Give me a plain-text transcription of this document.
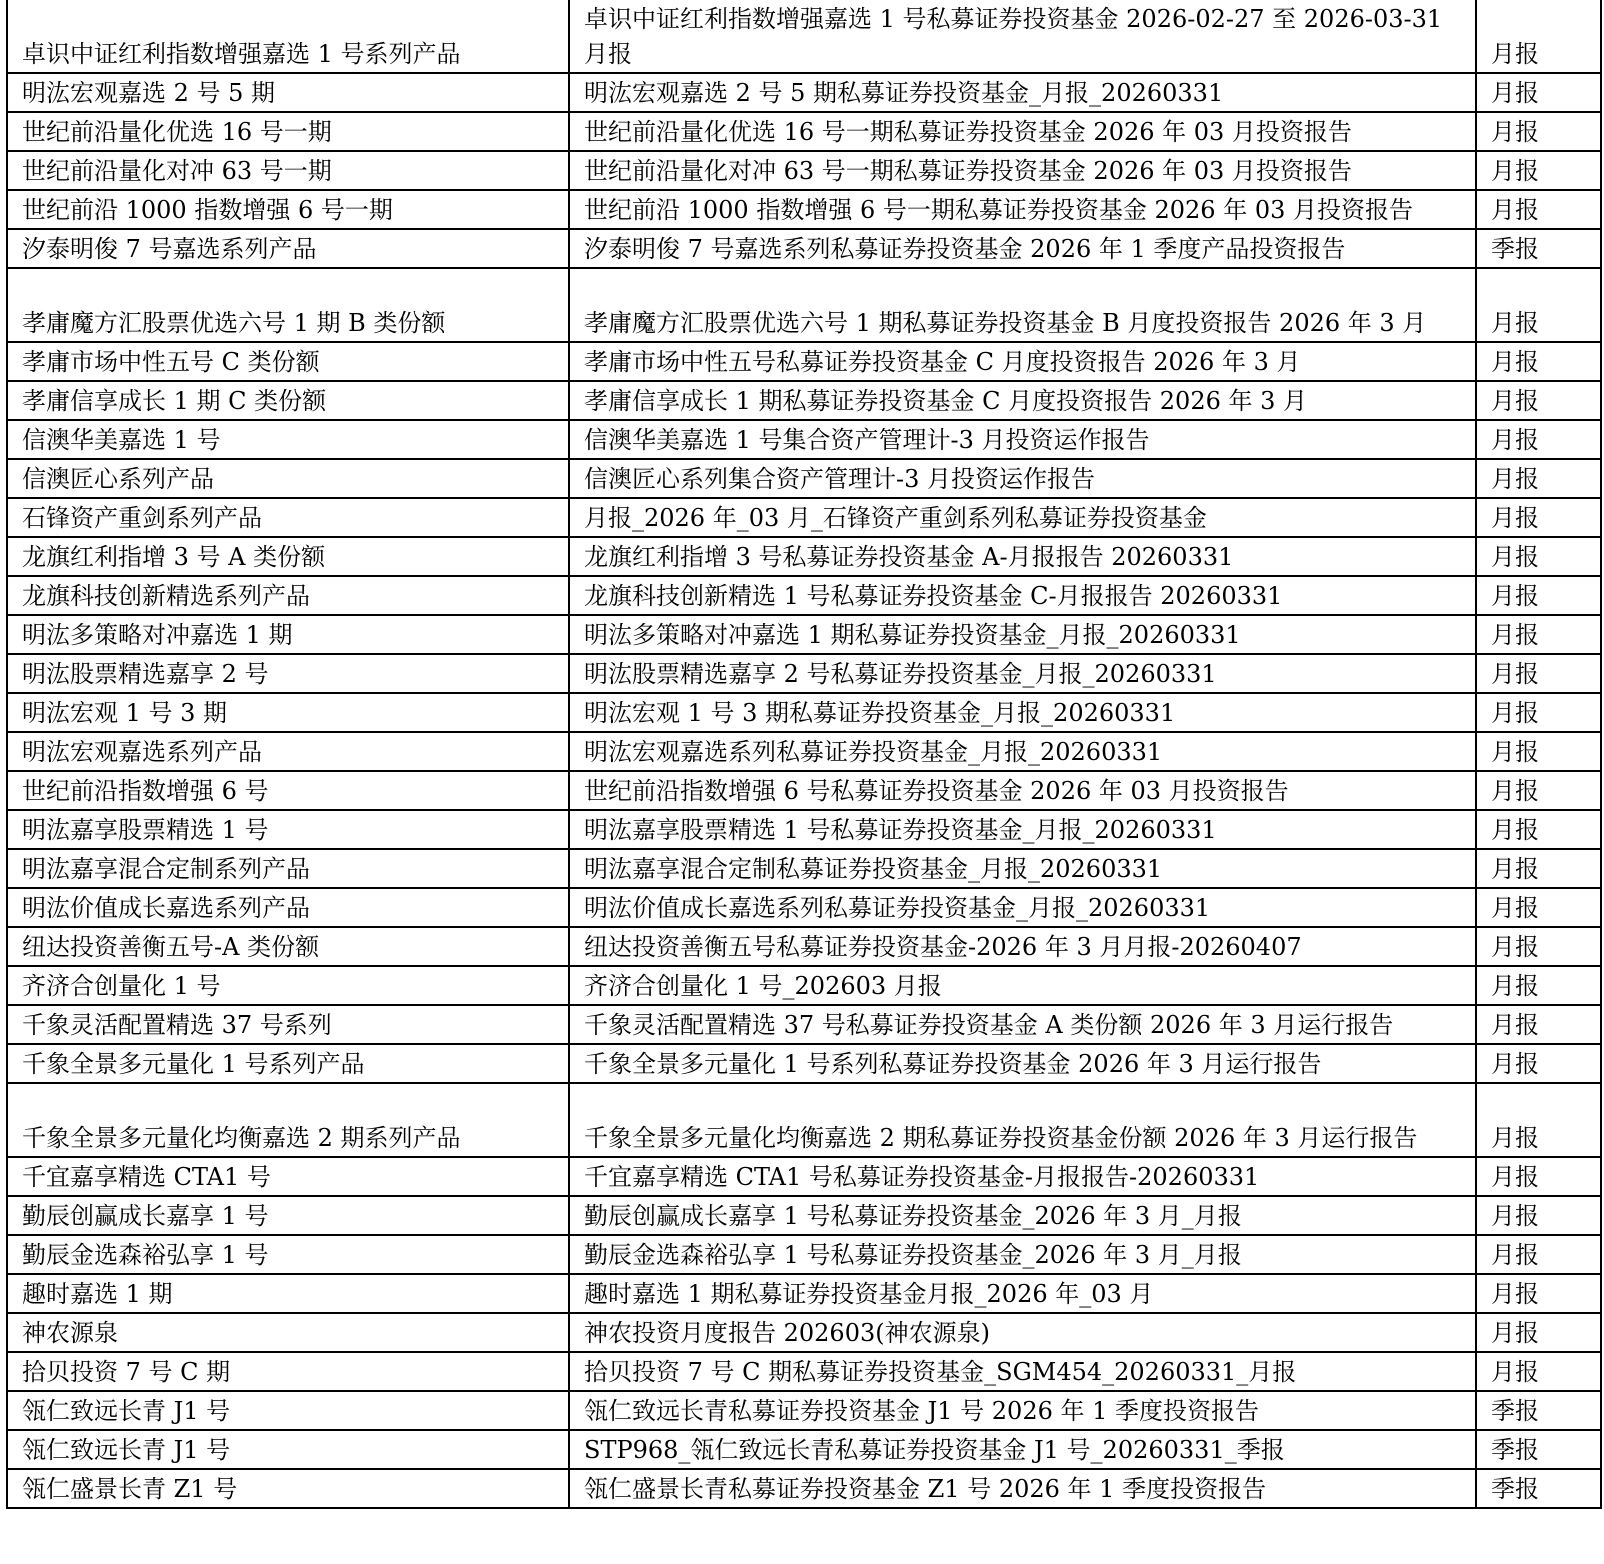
卓识中证红利指数增强嘉选 1 号系列产品	卓识中证红利指数增强嘉选 1 号私募证券投资基金 2026-02-27 至 2026-03-31 月报	月报
明汯宏观嘉选 2 号 5 期	明汯宏观嘉选 2 号 5 期私募证券投资基金_月报_20260331	月报
世纪前沿量化优选 16 号一期	世纪前沿量化优选 16 号一期私募证券投资基金 2026 年 03 月投资报告	月报
世纪前沿量化对冲 63 号一期	世纪前沿量化对冲 63 号一期私募证券投资基金 2026 年 03 月投资报告	月报
世纪前沿 1000 指数增强 6 号一期	世纪前沿 1000 指数增强 6 号一期私募证券投资基金 2026 年 03 月投资报告	月报
汐泰明俊 7 号嘉选系列产品	汐泰明俊 7 号嘉选系列私募证券投资基金 2026 年 1 季度产品投资报告	季报
孝庸魔方汇股票优选六号 1 期 B 类份额	孝庸魔方汇股票优选六号 1 期私募证券投资基金 B 月度投资报告 2026 年 3 月	月报
孝庸市场中性五号 C 类份额	孝庸市场中性五号私募证券投资基金 C 月度投资报告 2026 年 3 月	月报
孝庸信享成长 1 期 C 类份额	孝庸信享成长 1 期私募证券投资基金 C 月度投资报告 2026 年 3 月	月报
信澳华美嘉选 1 号	信澳华美嘉选 1 号集合资产管理计-3 月投资运作报告	月报
信澳匠心系列产品	信澳匠心系列集合资产管理计-3 月投资运作报告	月报
石锋资产重剑系列产品	月报_2026 年_03 月_石锋资产重剑系列私募证券投资基金	月报
龙旗红利指增 3 号 A 类份额	龙旗红利指增 3 号私募证券投资基金 A-月报报告 20260331	月报
龙旗科技创新精选系列产品	龙旗科技创新精选 1 号私募证券投资基金 C-月报报告 20260331	月报
明汯多策略对冲嘉选 1 期	明汯多策略对冲嘉选 1 期私募证券投资基金_月报_20260331	月报
明汯股票精选嘉享 2 号	明汯股票精选嘉享 2 号私募证券投资基金_月报_20260331	月报
明汯宏观 1 号 3 期	明汯宏观 1 号 3 期私募证券投资基金_月报_20260331	月报
明汯宏观嘉选系列产品	明汯宏观嘉选系列私募证券投资基金_月报_20260331	月报
世纪前沿指数增强 6 号	世纪前沿指数增强 6 号私募证券投资基金 2026 年 03 月投资报告	月报
明汯嘉享股票精选 1 号	明汯嘉享股票精选 1 号私募证券投资基金_月报_20260331	月报
明汯嘉享混合定制系列产品	明汯嘉享混合定制私募证券投资基金_月报_20260331	月报
明汯价值成长嘉选系列产品	明汯价值成长嘉选系列私募证券投资基金_月报_20260331	月报
纽达投资善衡五号-A 类份额	纽达投资善衡五号私募证券投资基金-2026 年 3 月月报-20260407	月报
齐济合创量化 1 号	齐济合创量化 1 号_202603 月报	月报
千象灵活配置精选 37 号系列	千象灵活配置精选 37 号私募证券投资基金 A 类份额 2026 年 3 月运行报告	月报
千象全景多元量化 1 号系列产品	千象全景多元量化 1 号系列私募证券投资基金 2026 年 3 月运行报告	月报
千象全景多元量化均衡嘉选 2 期系列产品	千象全景多元量化均衡嘉选 2 期私募证券投资基金份额 2026 年 3 月运行报告	月报
千宜嘉享精选 CTA1 号	千宜嘉享精选 CTA1 号私募证券投资基金-月报报告-20260331	月报
勤辰创赢成长嘉享 1 号	勤辰创赢成长嘉享 1 号私募证券投资基金_2026 年 3 月_月报	月报
勤辰金选森裕弘享 1 号	勤辰金选森裕弘享 1 号私募证券投资基金_2026 年 3 月_月报	月报
趣时嘉选 1 期	趣时嘉选 1 期私募证券投资基金月报_2026 年_03 月	月报
神农源泉	神农投资月度报告 202603(神农源泉)	月报
拾贝投资 7 号 C 期	拾贝投资 7 号 C 期私募证券投资基金_SGM454_20260331_月报	月报
瓴仁致远长青 J1 号	瓴仁致远长青私募证券投资基金 J1 号 2026 年 1 季度投资报告	季报
瓴仁致远长青 J1 号	STP968_瓴仁致远长青私募证券投资基金 J1 号_20260331_季报	季报
瓴仁盛景长青 Z1 号	瓴仁盛景长青私募证券投资基金 Z1 号 2026 年 1 季度投资报告	季报
